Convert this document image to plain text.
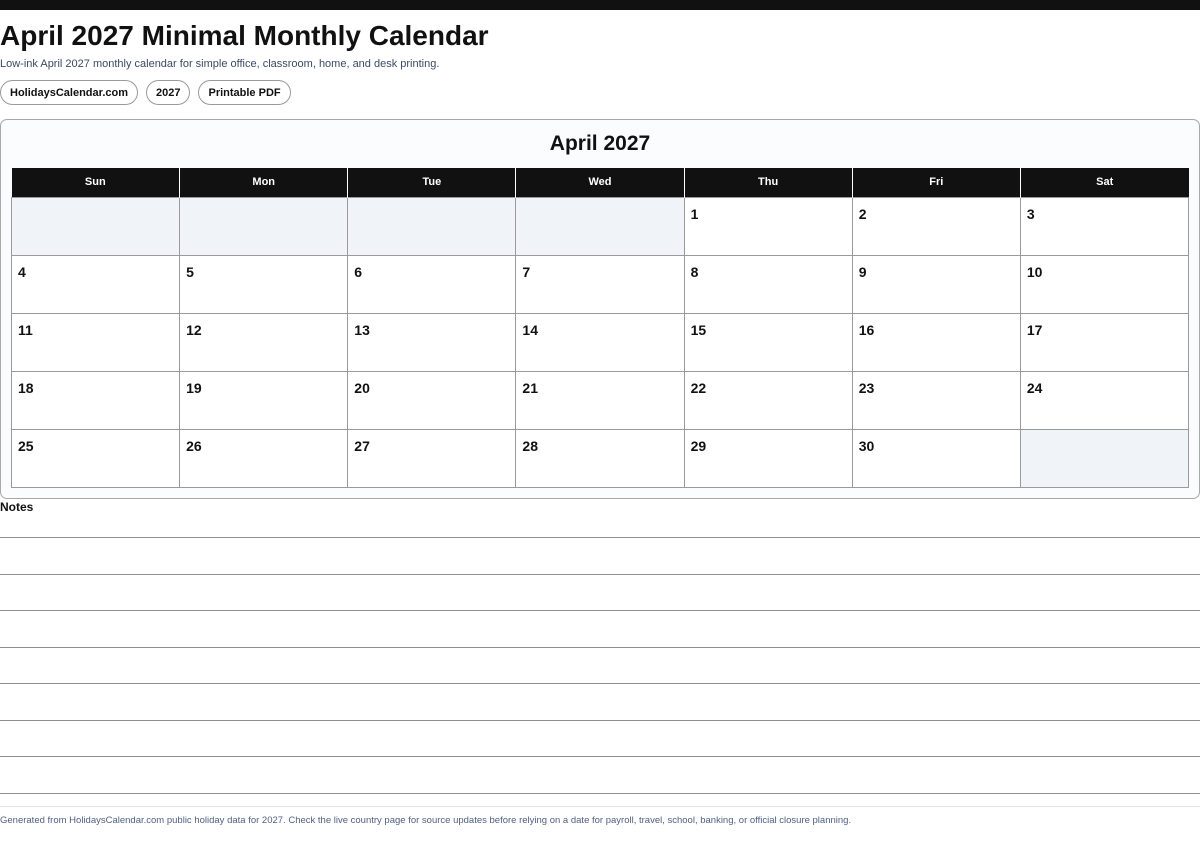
April 2027 Minimal Monthly Calendar

Low-ink April 2027 monthly calendar for simple office, classroom, home, and desk printing.

HolidaysCalendar.com	2027	Printable PDF
April 2027
Sun	Mon	Tue	Wed	Thu	Fri	Sat
				1	2	3
4	5	6	7	8	9	10
11	12	13	14	15	16	17
18	19	20	21	22	23	24
25	26	27	28	29	30	
Notes

Generated from HolidaysCalendar.com public holiday data for 2027. Check the live country page for source updates before relying on a date for payroll, travel, school, banking, or official closure planning.
